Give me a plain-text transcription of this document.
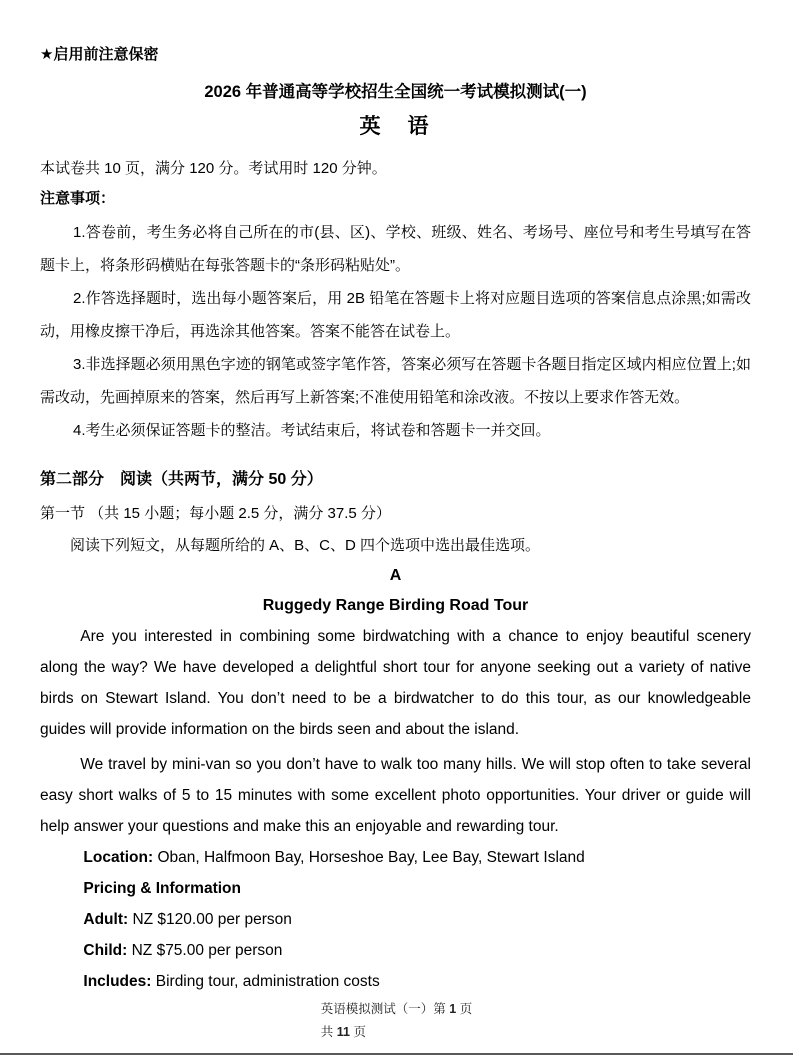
★启用前注意保密
2026 年普通高等学校招生全国统一考试模拟测试(一)
英　语

本试卷共 10 页，满分 120 分。考试用时 120 分钟。

注意事项：

1.答卷前，考生务必将自己所在的市(县、区)、学校、班级、姓名、考场号、座位号和考生号填写在答题卡上，将条形码横贴在每张答题卡的“条形码粘贴处”。

2.作答选择题时，选出每小题答案后，用 2B 铅笔在答题卡上将对应题目选项的答案信息点涂黑;如需改动，用橡皮擦干净后，再选涂其他答案。答案不能答在试卷上。

3.非选择题必须用黑色字迹的钢笔或签字笔作答，答案必须写在答题卡各题目指定区域内相应位置上;如需改动，先画掉原来的答案，然后再写上新答案;不准使用铅笔和涂改液。不按以上要求作答无效。

4.考生必须保证答题卡的整洁。考试结束后，将试卷和答题卡一并交回。

第二部分　阅读（共两节，满分 50 分）

第一节 （共 15 小题；每小题 2.5 分，满分 37.5 分）

阅读下列短文，从每题所给的 A、B、C、D 四个选项中选出最佳选项。

A

Ruggedy Range Birding Road Tour

Are you interested in combining some birdwatching with a chance to enjoy beautiful scenery along the way? We have developed a delightful short tour for anyone seeking out a variety of native birds on Stewart Island. You don’t need to be a birdwatcher to do this tour, as our knowledgeable guides will provide information on the birds seen and about the island.

We travel by mini-van so you don’t have to walk too many hills. We will stop often to take several easy short walks of 5 to 15 minutes with some excellent photo opportunities. Your driver or guide will help answer your questions and make this an enjoyable and rewarding tour.

Location: Oban, Halfmoon Bay, Horseshoe Bay, Lee Bay, Stewart Island

Pricing & Information

Adult: NZ $120.00 per person

Child: NZ $75.00 per person

Includes: Birding tour, administration costs

英语模拟测试（一）第 1 页
共 11 页
